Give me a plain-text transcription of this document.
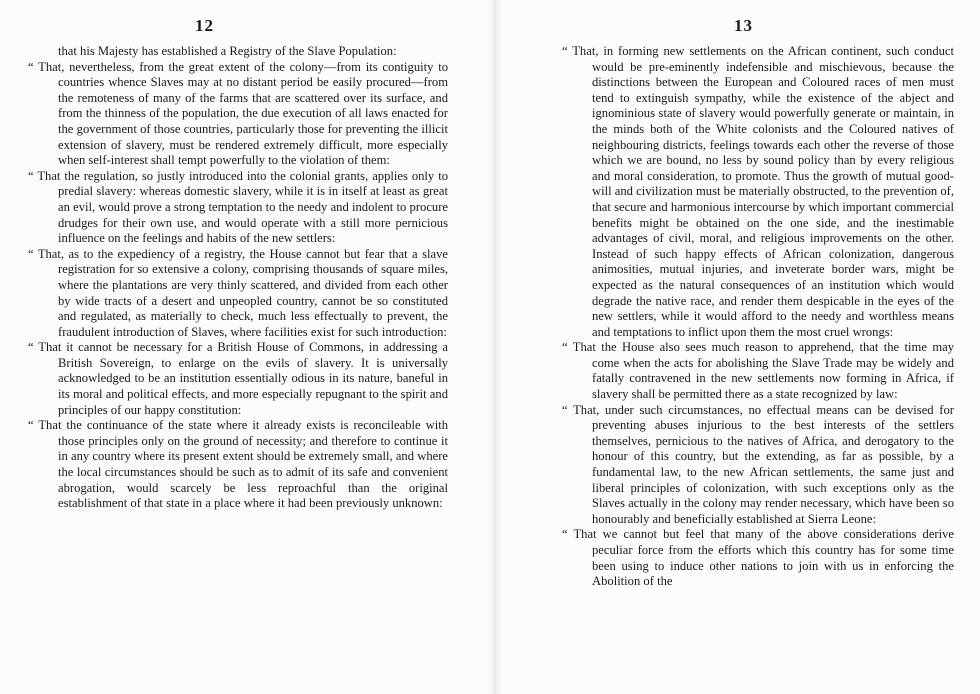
12

that his Majesty has established a Registry of the Slave Population:

“ That, nevertheless, from the great extent of the colony—from its contiguity to countries whence Slaves may at no distant period be easily procured—from the remoteness of many of the farms that are scattered over its surface, and from the thinness of the population, the due execution of all laws enacted for the government of those countries, particularly those for preventing the illicit extension of slavery, must be rendered extremely difficult, more especially when self-interest shall tempt powerfully to the violation of them:

“ That the regulation, so justly introduced into the colonial grants, applies only to predial slavery: whereas domestic slavery, while it is in itself at least as great an evil, would prove a strong temptation to the needy and indolent to procure drudges for their own use, and would operate with a still more pernicious influence on the feelings and habits of the new settlers:

“ That, as to the expediency of a registry, the House cannot but fear that a slave registration for so extensive a colony, comprising thousands of square miles, where the plantations are very thinly scattered, and divided from each other by wide tracts of a desert and unpeopled country, cannot be so constituted and regulated, as materially to check, much less effectually to prevent, the fraudulent introduction of Slaves, where facilities exist for such introduction:

“ That it cannot be necessary for a British House of Commons, in addressing a British Sovereign, to enlarge on the evils of slavery. It is universally acknowledged to be an institution essentially odious in its nature, baneful in its moral and political effects, and more especially repugnant to the spirit and principles of our happy constitution:

“ That the continuance of the state where it already exists is reconcileable with those principles only on the ground of necessity; and therefore to continue it in any country where its present extent should be extremely small, and where the local circumstances should be such as to admit of its safe and convenient abrogation, would scarcely be less reproachful than the original establishment of that state in a place where it had been previously unknown:

13

“ That, in forming new settlements on the African continent, such conduct would be pre-eminently indefensible and mischievous, because the distinctions between the European and Coloured races of men must tend to extinguish sympathy, while the existence of the abject and ignominious state of slavery would powerfully generate or maintain, in the minds both of the White colonists and the Coloured natives of neighbouring districts, feelings towards each other the reverse of those which we are bound, no less by sound policy than by every religious and moral consideration, to promote. Thus the growth of mutual good-will and civilization must be materially obstructed, to the prevention of, that secure and harmonious intercourse by which important commercial benefits might be obtained on the one side, and the inestimable advantages of civil, moral, and religious improvements on the other. Instead of such happy effects of African colonization, dangerous animosities, mutual injuries, and inveterate border wars, might be expected as the natural consequences of an institution which would degrade the native race, and render them despicable in the eyes of the new settlers, while it would afford to the needy and worthless means and temptations to inflict upon them the most cruel wrongs:

“ That the House also sees much reason to apprehend, that the time may come when the acts for abolishing the Slave Trade may be widely and fatally contravened in the new settlements now forming in Africa, if slavery shall be permitted there as a state recognized by law:

“ That, under such circumstances, no effectual means can be devised for preventing abuses injurious to the best interests of the settlers themselves, pernicious to the natives of Africa, and derogatory to the honour of this country, but the extending, as far as possible, by a fundamental law, to the new African settlements, the same just and liberal principles of colonization, with such exceptions only as the Slaves actually in the colony may render necessary, which have been so honourably and beneficially established at Sierra Leone:

“ That we cannot but feel that many of the above considerations derive peculiar force from the efforts which this country has for some time been using to induce other nations to join with us in enforcing the Abolition of the
